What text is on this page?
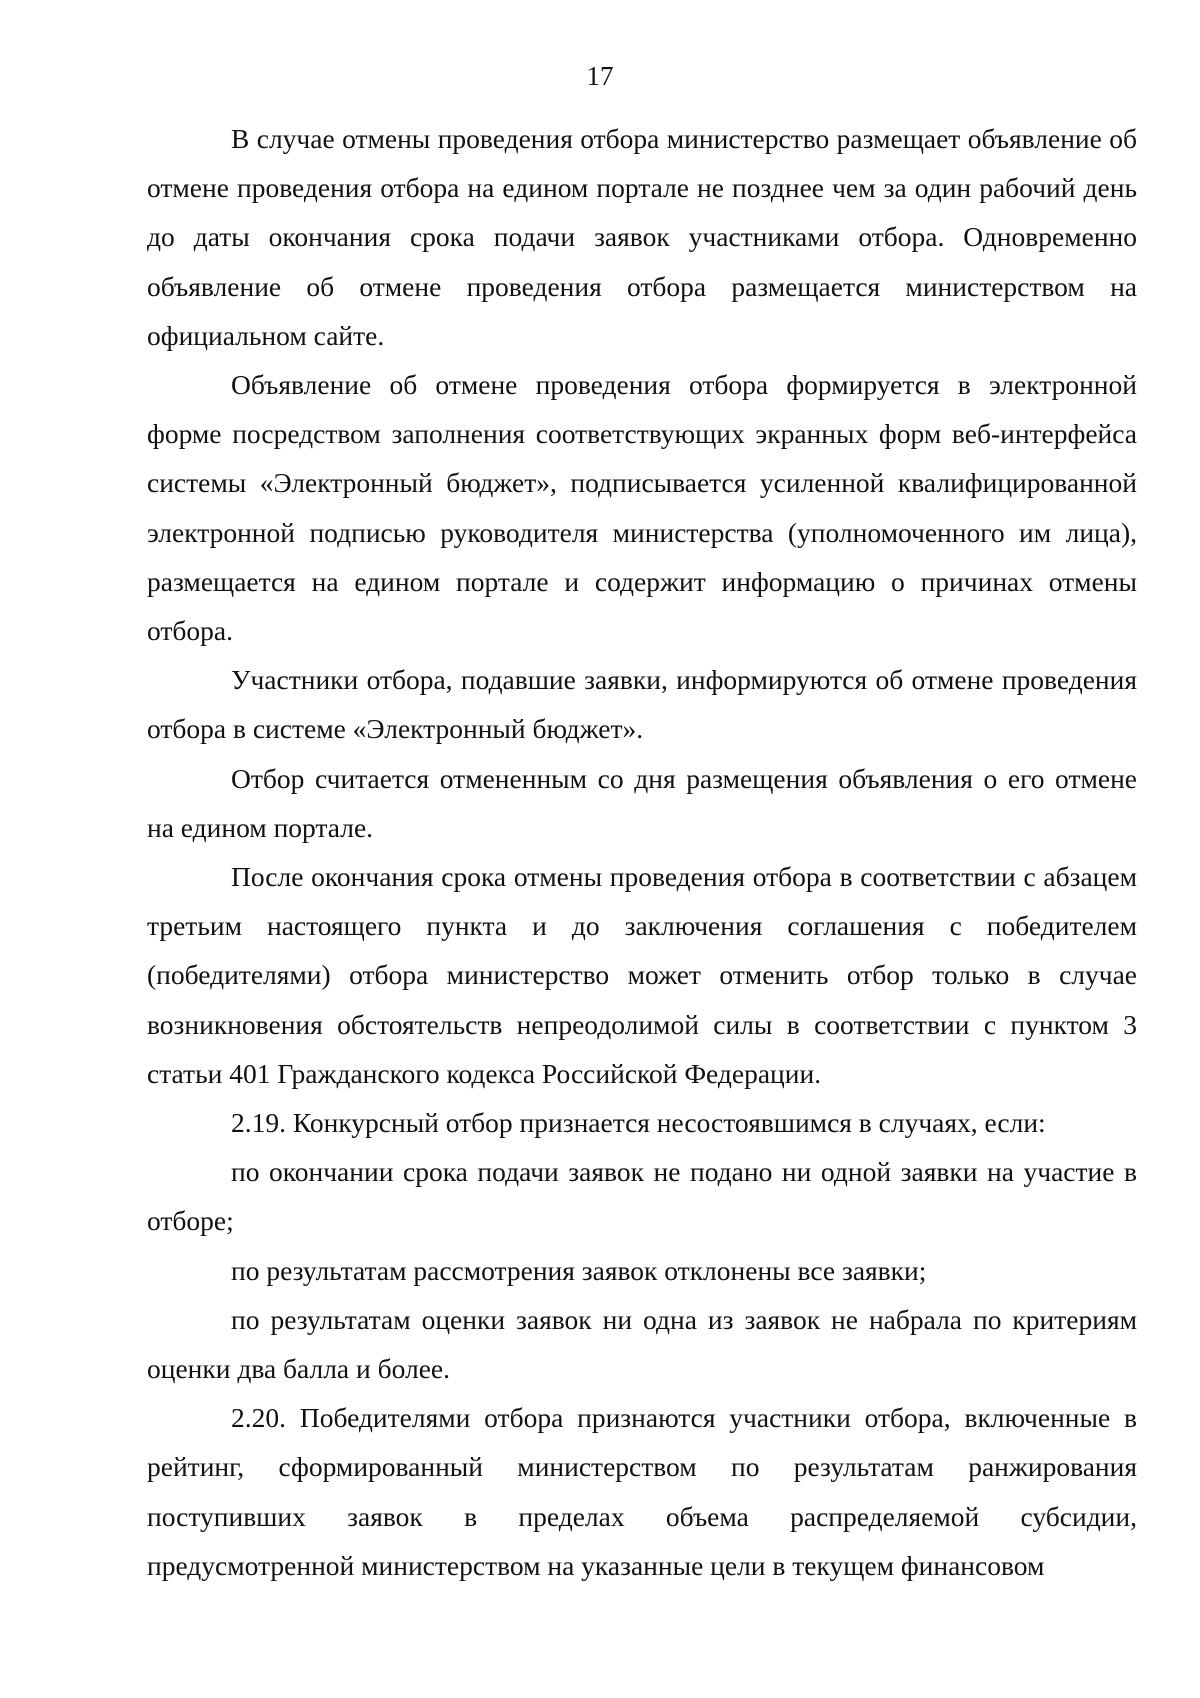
17

В случае отмены проведения отбора министерство размещает объявление об отмене проведения отбора на едином портале не позднее чем за один рабочий день до даты окончания срока подачи заявок участниками отбора. Одновременно объявление об отмене проведения отбора размещается министерством на официальном сайте.

Объявление об отмене проведения отбора формируется в электронной форме посредством заполнения соответствующих экранных форм веб-интерфейса системы «Электронный бюджет», подписывается усиленной квалифицированной электронной подписью руководителя министерства (уполномоченного им лица), размещается на едином портале и содержит информацию о причинах отмены отбора.

Участники отбора, подавшие заявки, информируются об отмене проведения отбора в системе «Электронный бюджет».

Отбор считается отмененным со дня размещения объявления о его отмене на едином портале.

После окончания срока отмены проведения отбора в соответствии с абзацем третьим настоящего пункта и до заключения соглашения с победителем (победителями) отбора министерство может отменить отбор только в случае возникновения обстоятельств непреодолимой силы в соответствии с пунктом 3 статьи 401 Гражданского кодекса Российской Федерации.

2.19. Конкурсный отбор признается несостоявшимся в случаях, если:

по окончании срока подачи заявок не подано ни одной заявки на участие в отборе;

по результатам рассмотрения заявок отклонены все заявки;

по результатам оценки заявок ни одна из заявок не набрала по критериям оценки два балла и более.

2.20. Победителями отбора признаются участники отбора, включенные в рейтинг, сформированный министерством по результатам ранжирования поступивших заявок в пределах объема распределяемой субсидии, предусмотренной министерством на указанные цели в текущем финансовом
